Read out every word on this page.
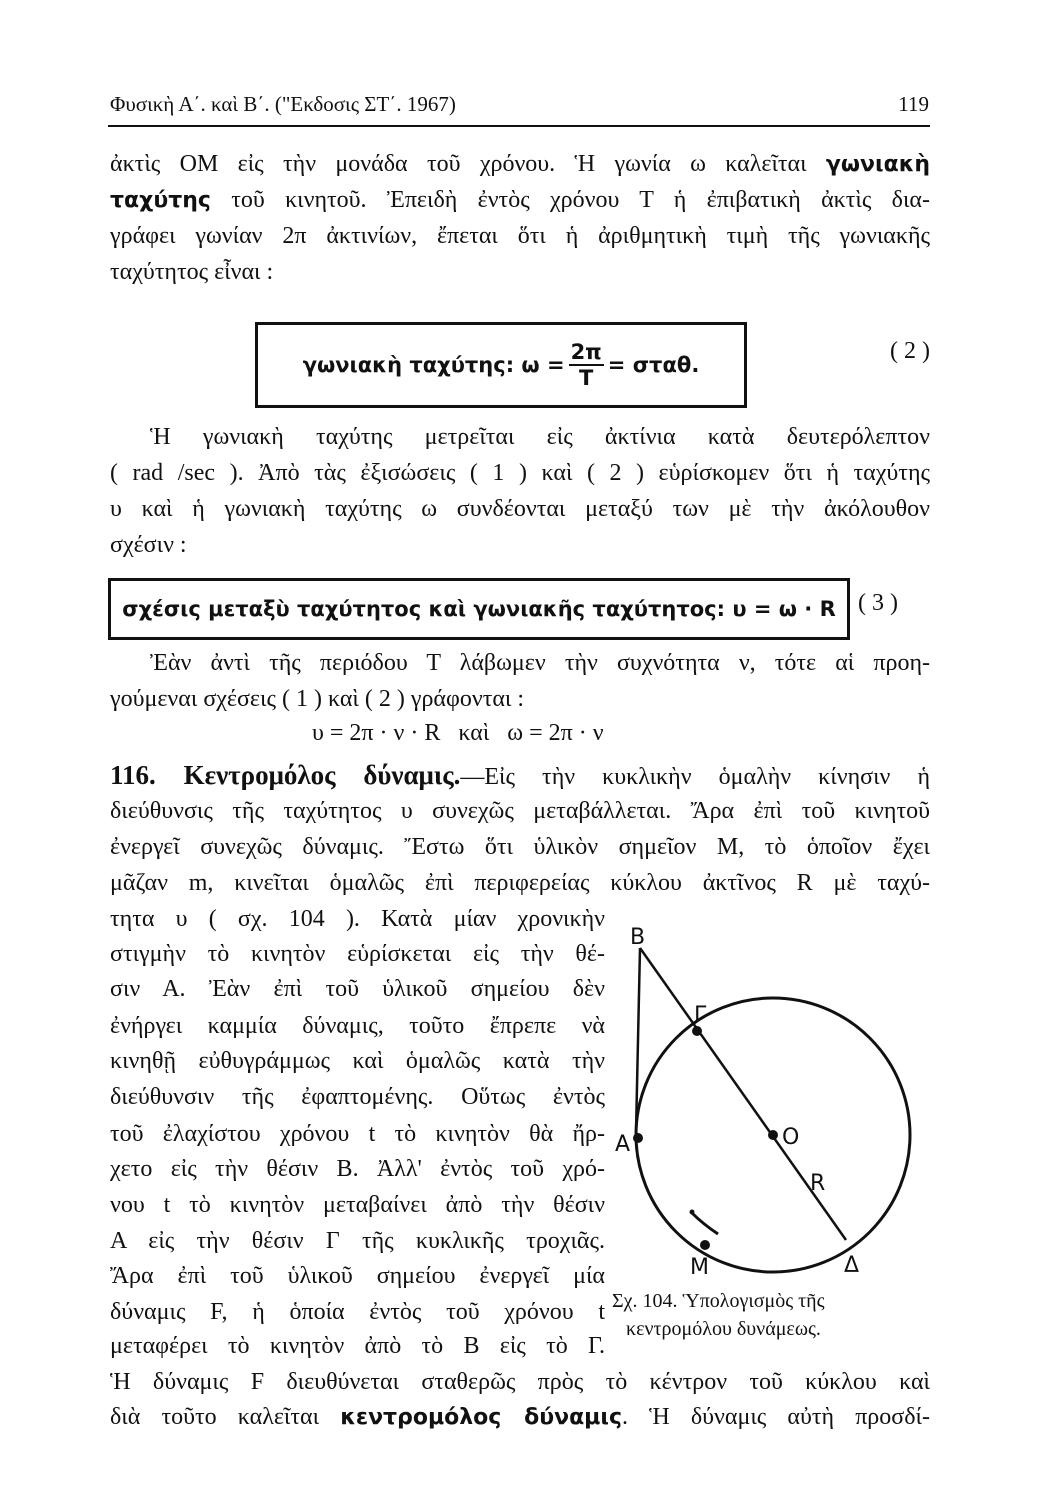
Φυσικὴ Α΄. καὶ Β΄. ("Εκδοσις ΣΤ΄. 1967)	119
ἀκτὶς ΟΜ εἰς τὴν μονάδα τοῦ χρόνου. Ἡ γωνία ω καλεῖται γωνιακὴ
ταχύτης τοῦ κινητοῦ. Ἐπειδὴ ἐντὸς χρόνου Τ ἡ ἐπιβατικὴ ἀκτὶς δια-
γράφει γωνίαν 2π ἀκτινίων, ἔπεται ὅτι ἡ ἀριθμητικὴ τιμὴ τῆς γωνιακῆς
ταχύτητος εἶναι :
Ἡ γωνιακὴ ταχύτης μετρεῖται εἰς ἀκτίνια κατὰ δευτερόλεπτον
( rad /sec ). Ἀπὸ τὰς ἐξισώσεις ( 1 ) καὶ ( 2 ) εὑρίσκομεν ὅτι ἡ ταχύτης
υ καὶ ἡ γωνιακὴ ταχύτης ω συνδέονται μεταξύ των μὲ τὴν ἀκόλουθον
σχέσιν :
Ἐὰν ἀντὶ τῆς περιόδου Τ λάβωμεν τὴν συχνότητα ν, τότε αἱ προη-
γούμεναι σχέσεις ( 1 ) καὶ ( 2 ) γράφονται :
116. Κεντρομόλος δύναμις.—Εἰς τὴν κυκλικὴν ὁμαλὴν κίνησιν ἡ
διεύθυνσις τῆς ταχύτητος υ συνεχῶς μεταβάλλεται. Ἄρα ἐπὶ τοῦ κινητοῦ
ἐνεργεῖ συνεχῶς δύναμις. Ἔστω ὅτι ὑλικὸν σημεῖον Μ, τὸ ὁποῖον ἔχει
μᾶζαν m, κινεῖται ὁμαλῶς ἐπὶ περιφερείας κύκλου ἀκτῖνος R μὲ ταχύ-
τητα υ ( σχ. 104 ). Κατὰ μίαν χρονικὴν
στιγμὴν τὸ κινητὸν εὑρίσκεται εἰς τὴν θέ-
σιν Α. Ἐὰν ἐπὶ τοῦ ὑλικοῦ σημείου δὲν
ἐνήργει καμμία δύναμις, τοῦτο ἔπρεπε νὰ
κινηθῇ εὐθυγράμμως καὶ ὁμαλῶς κατὰ τὴν
διεύθυνσιν τῆς ἐφαπτομένης. Οὕτως ἐντὸς
τοῦ ἐλαχίστου χρόνου t τὸ κινητὸν θὰ ἤρ-
χετο εἰς τὴν θέσιν Β. Ἀλλ' ἐντὸς τοῦ χρό-
νου t τὸ κινητὸν μεταβαίνει ἀπὸ τὴν θέσιν
Α εἰς τὴν θέσιν Γ τῆς κυκλικῆς τροχιᾶς.
Ἄρα ἐπὶ τοῦ ὑλικοῦ σημείου ἐνεργεῖ μία
δύναμις F, ἡ ὁποία ἐντὸς τοῦ χρόνου t
μεταφέρει τὸ κινητὸν ἀπὸ τὸ Β εἰς τὸ Γ.
Ἡ δύναμις F διευθύνεται σταθερῶς πρὸς τὸ κέντρον τοῦ κύκλου καὶ
διὰ τοῦτο καλεῖται κεντρομόλος δύναμις. Ἡ δύναμις αὐτὴ προσδί-
γωνιακὴ ταχύτης: $\omega = \frac{2\pi}{T} = \sigma\tau\alpha\theta$.
( 2 )
σχέσις μεταξὺ ταχύτητος καὶ γωνιακῆς ταχύτητος: υ = ω · R ( 3 )
υ = 2π · ν · R   καὶ   ω = 2π · ν
B
Γ
A	O
R
M	Δ
Σχ. 104. Ὑπολογισμὸς τῆς
κεντρομόλου δυνάμεως.
